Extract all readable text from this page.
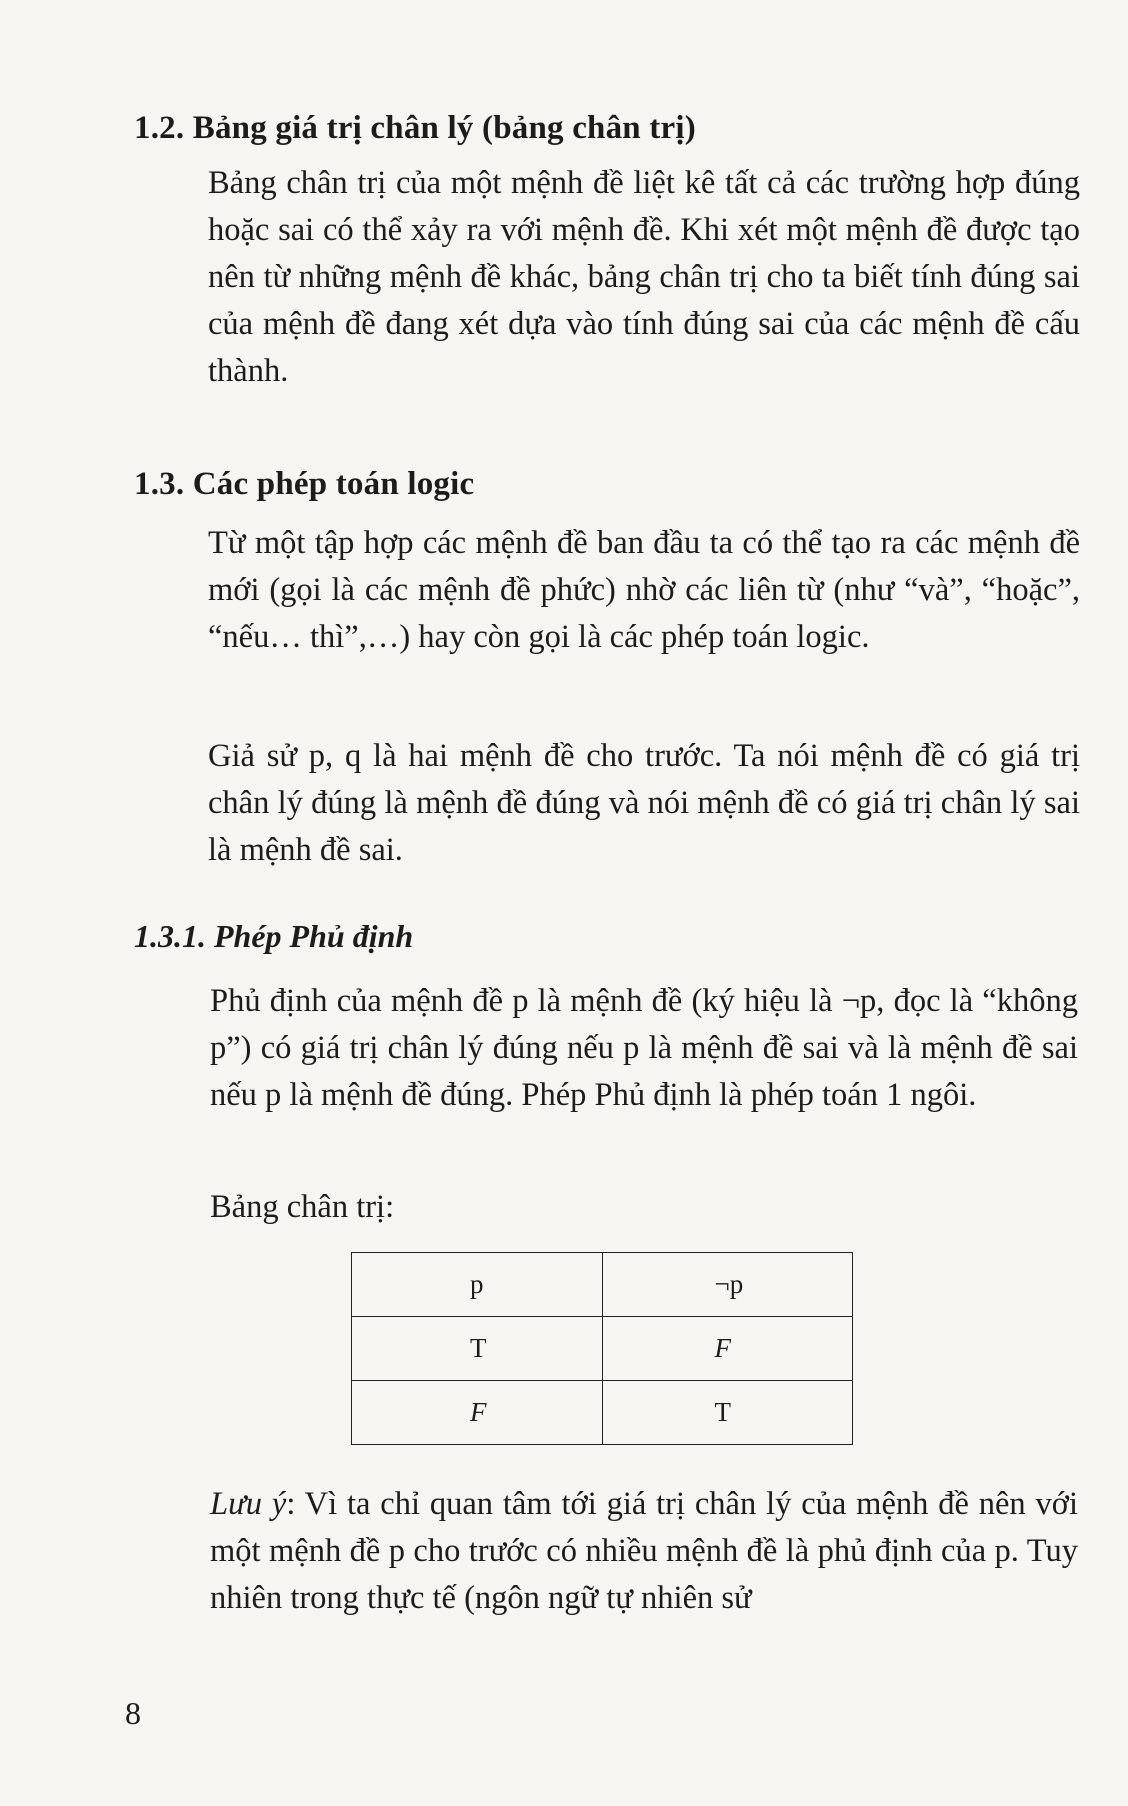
1.2. Bảng giá trị chân lý (bảng chân trị)
Bảng chân trị của một mệnh đề liệt kê tất cả các trường hợp đúng hoặc sai có thể xảy ra với mệnh đề. Khi xét một mệnh đề được tạo nên từ những mệnh đề khác, bảng chân trị cho ta biết tính đúng sai của mệnh đề đang xét dựa vào tính đúng sai của các mệnh đề cấu thành.
1.3. Các phép toán logic
Từ một tập hợp các mệnh đề ban đầu ta có thể tạo ra các mệnh đề mới (gọi là các mệnh đề phức) nhờ các liên từ (như “và”, “hoặc”, “nếu… thì”,…) hay còn gọi là các phép toán logic.
Giả sử p, q là hai mệnh đề cho trước. Ta nói mệnh đề có giá trị chân lý đúng là mệnh đề đúng và nói mệnh đề có giá trị chân lý sai là mệnh đề sai.
1.3.1. Phép Phủ định
Phủ định của mệnh đề p là mệnh đề (ký hiệu là ¬p, đọc là “không p”) có giá trị chân lý đúng nếu p là mệnh đề sai và là mệnh đề sai nếu p là mệnh đề đúng. Phép Phủ định là phép toán 1 ngôi.
Bảng chân trị:
p	¬p
T	F
F	T
Lưu ý: Vì ta chỉ quan tâm tới giá trị chân lý của mệnh đề nên với một mệnh đề p cho trước có nhiều mệnh đề là phủ định của p. Tuy nhiên trong thực tế (ngôn ngữ tự nhiên sử
8
